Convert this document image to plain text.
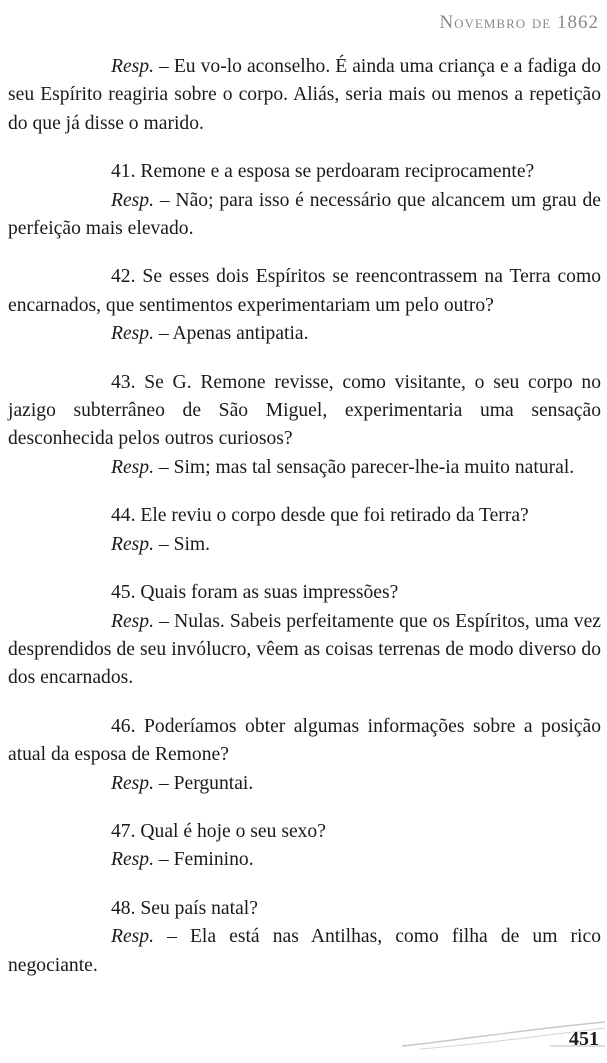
Novembro de 1862

Resp. – Eu vo-lo aconselho. É ainda uma criança e a fadiga do seu Espírito reagiria sobre o corpo. Aliás, seria mais ou menos a repetição do que já disse o marido.

41. Remone e a esposa se perdoaram reciprocamente?

Resp. – Não; para isso é necessário que alcancem um grau de perfeição mais elevado.

42. Se esses dois Espíritos se reencontrassem na Terra como encarnados, que sentimentos experimentariam um pelo outro?

Resp. – Apenas antipatia.

43. Se G. Remone revisse, como visitante, o seu corpo no jazigo subterrâneo de São Miguel, experimentaria uma sensação desconhecida pelos outros curiosos?

Resp. – Sim; mas tal sensação parecer-lhe-ia muito natural.

44. Ele reviu o corpo desde que foi retirado da Terra?

Resp. – Sim.

45. Quais foram as suas impressões?

Resp. – Nulas. Sabeis perfeitamente que os Espíritos, uma vez desprendidos de seu invólucro, vêem as coisas terrenas de modo diverso do dos encarnados.

46. Poderíamos obter algumas informações sobre a posição atual da esposa de Remone?

Resp. – Perguntai.

47. Qual é hoje o seu sexo?

Resp. – Feminino.

48. Seu país natal?

Resp. – Ela está nas Antilhas, como filha de um rico negociante.

451
